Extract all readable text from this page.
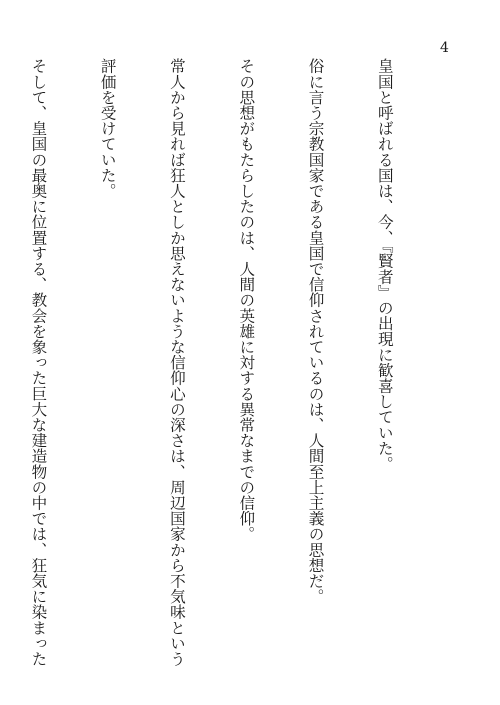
4

皇国と呼ばれる国は、今、『賢者』の出現に歓喜していた。

俗に言う宗教国家である皇国で信仰されているのは、人間至上主義の思想だ。

その思想がもたらしたのは、人間の英雄に対する異常なまでの信仰。

常人から見れば狂人としか思えないような信仰心の深さは、周辺国家から不気味という

評価を受けていた。

そして、皇国の最奥に位置する、教会を象った巨大な建造物の中では、狂気に染まった
